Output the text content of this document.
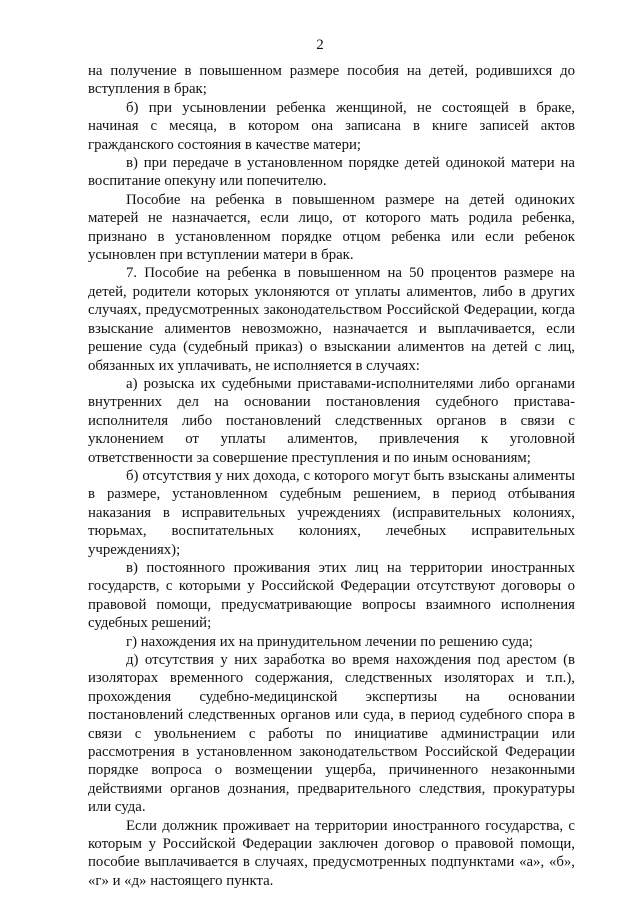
2

на получение в повышенном размере пособия на детей, родившихся до вступления в брак;

б) при усыновлении ребенка женщиной, не состоящей в браке, начиная с месяца, в котором она записана в книге записей актов гражданского состояния в качестве матери;

в) при передаче в установленном порядке детей одинокой матери на воспитание опекуну или попечителю.

Пособие на ребенка в повышенном размере на детей одиноких матерей не назначается, если лицо, от которого мать родила ребенка, признано в установленном порядке отцом ребенка или если ребенок усыновлен при вступлении матери в брак.

7. Пособие на ребенка в повышенном на 50 процентов размере на детей, родители которых уклоняются от уплаты алиментов, либо в других случаях, предусмотренных законодательством Российской Федерации, когда взыскание алиментов невозможно, назначается и выплачивается, если решение суда (судебный приказ) о взыскании алиментов на детей с лиц, обязанных их уплачивать, не исполняется в случаях:

а) розыска их судебными приставами-исполнителями либо органами внутренних дел на основании постановления судебного пристава-исполнителя либо постановлений следственных органов в связи с уклонением от уплаты алиментов, привлечения к уголовной ответственности за совершение преступления и по иным основаниям;

б) отсутствия у них дохода, с которого могут быть взысканы алименты в размере, установленном судебным решением, в период отбывания наказания в исправительных учреждениях (исправительных колониях, тюрьмах, воспитательных колониях, лечебных исправительных учреждениях);

в) постоянного проживания этих лиц на территории иностранных государств, с которыми у Российской Федерации отсутствуют договоры о правовой помощи, предусматривающие вопросы взаимного исполнения судебных решений;

г) нахождения их на принудительном лечении по решению суда;

д) отсутствия у них заработка во время нахождения под арестом (в изоляторах временного содержания, следственных изоляторах и т.п.), прохождения судебно-медицинской экспертизы на основании постановлений следственных органов или суда, в период судебного спора в связи с увольнением с работы по инициативе администрации или рассмотрения в установленном законодательством Российской Федерации порядке вопроса о возмещении ущерба, причиненного незаконными действиями органов дознания, предварительного следствия, прокуратуры или суда.

Если должник проживает на территории иностранного государства, с которым у Российской Федерации заключен договор о правовой помощи, пособие выплачивается в случаях, предусмотренных подпунктами «а», «б», «г» и «д» настоящего пункта.
